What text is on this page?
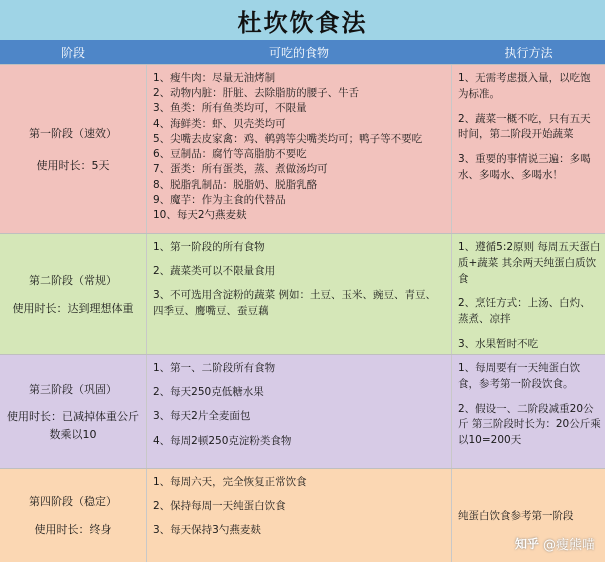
杜坎饮食法
阶段	可吃的食物	执行方法
第一阶段（速效）
使用时长：5天
1、瘦牛肉：尽量无油烤制
2、动物内脏：肝脏、去除脂肪的腰子、牛舌
3、鱼类：所有鱼类均可，不限量
4、海鲜类：虾、贝壳类均可
5、尖嘴去皮家禽：鸡、鹌鹑等尖嘴类均可；鸭子等不要吃
6、豆制品：腐竹等高脂肪不要吃
7、蛋类：所有蛋类，蒸、煮做汤均可
8、脱脂乳制品：脱脂奶、脱脂乳酪
9、魔芋：作为主食的代替品
10、每天2勺燕麦麸
1、无需考虑摄入量，以吃饱为标准。
2、蔬菜一概不吃，只有五天时间，第二阶段开始蔬菜
3、重要的事情说三遍：多喝水、多喝水、多喝水！
第二阶段（常规）
使用时长：达到理想体重
1、第一阶段的所有食物
2、蔬菜类可以不限量食用
3、不可选用含淀粉的蔬菜 例如：土豆、玉米、豌豆、青豆、四季豆、鹰嘴豆、蚕豆藕
1、遵循5:2原则 每周五天蛋白质+蔬菜 其余两天纯蛋白质饮食
2、烹饪方式：上汤、白灼、蒸煮、凉拌
3、水果暂时不吃
第三阶段（巩固）
使用时长：已减掉体重公斤数乘以10
1、第一、二阶段所有食物
2、每天250克低糖水果
3、每天2片全麦面包
4、每周2顿250克淀粉类食物
1、每周要有一天纯蛋白饮食，参考第一阶段饮食。
2、假设一、二阶段减重20公斤 第三阶段时长为：20公斤乘以10=200天
第四阶段（稳定）
使用时长：终身
1、每周六天，完全恢复正常饮食
2、保持每周一天纯蛋白饮食
3、每天保持3勺燕麦麸
纯蛋白饮食参考第一阶段
知乎 @瘦熊喵
